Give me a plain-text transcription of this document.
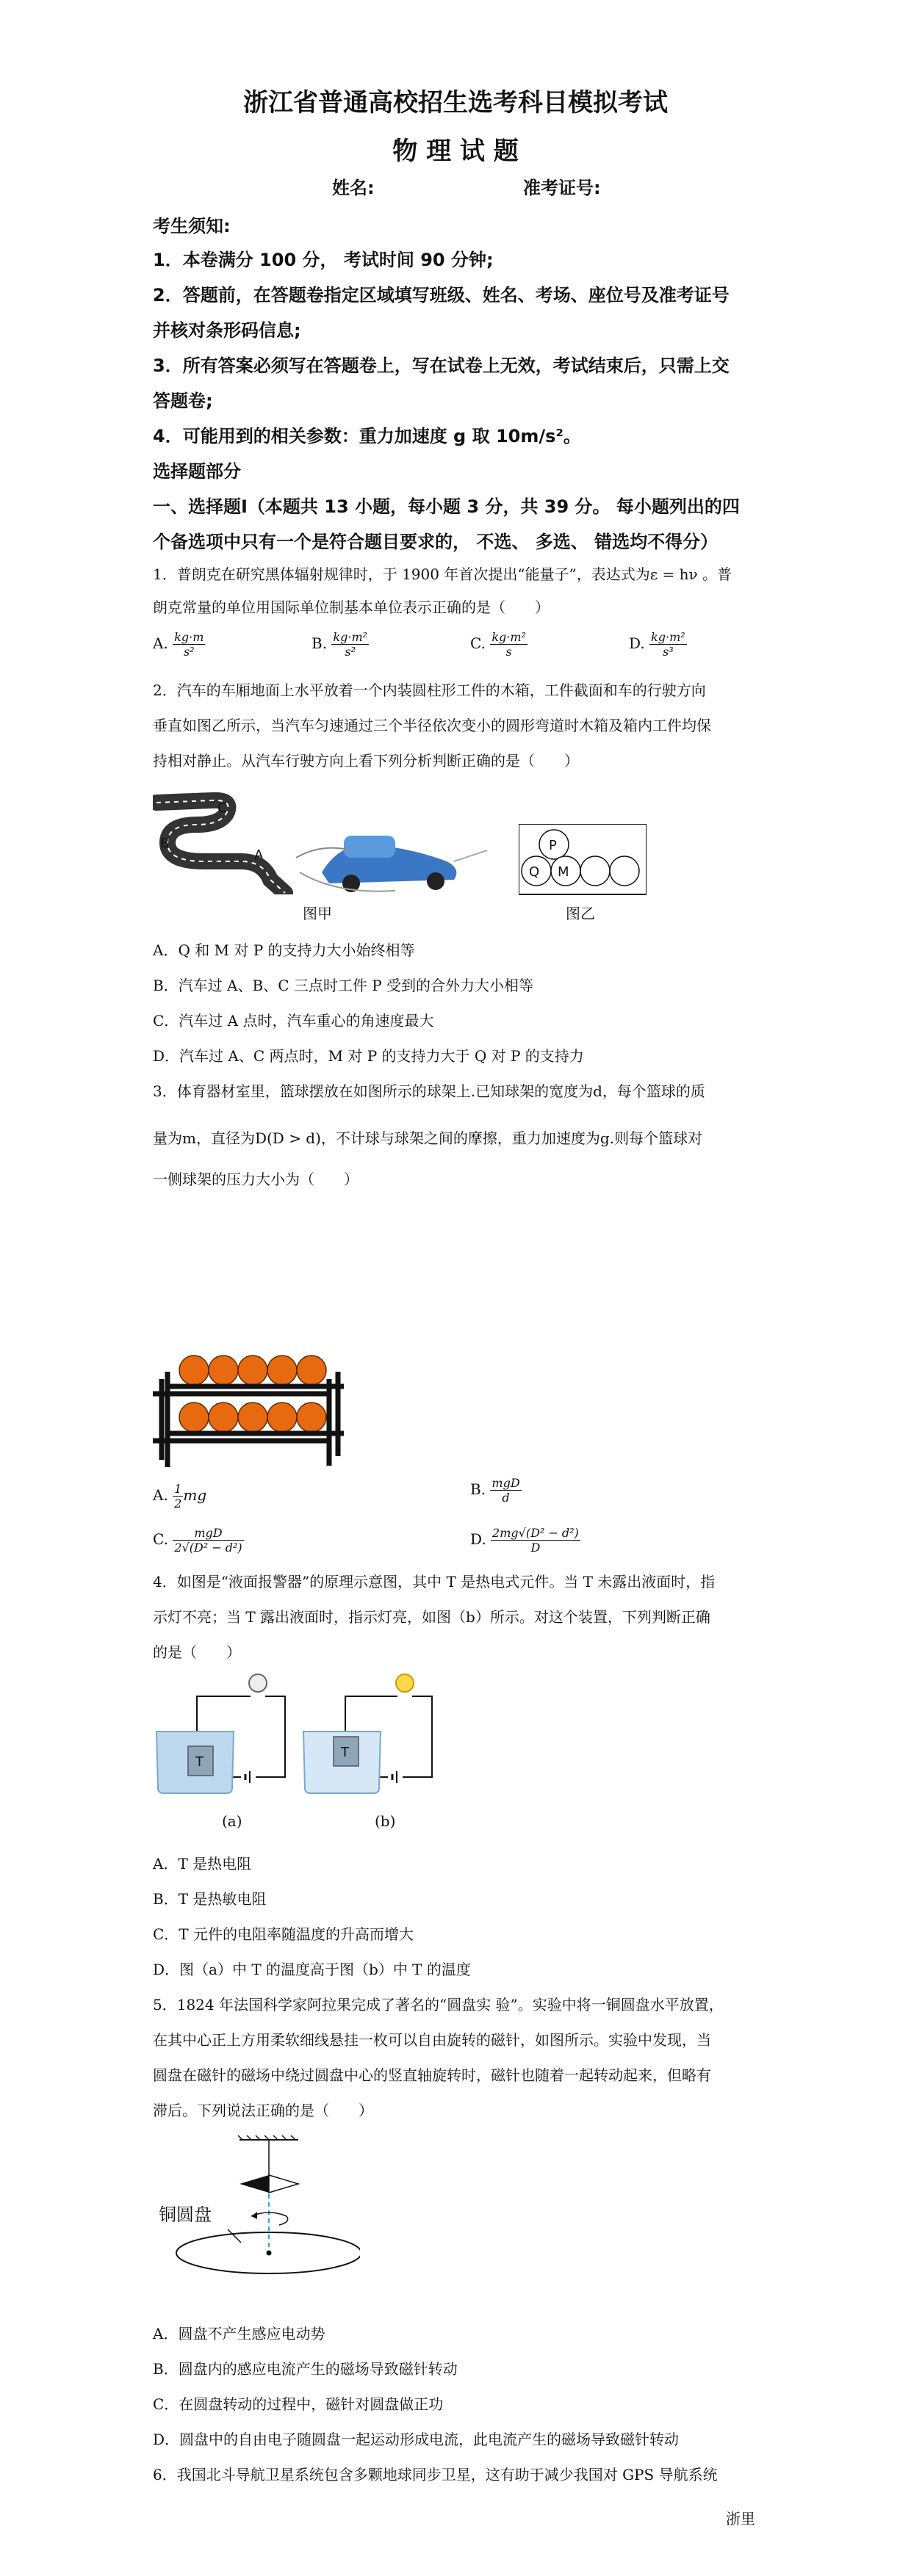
浙江省普通高校招生选考科目模拟考试
物 理 试 题
姓名:	准考证号:
考生须知:
1．本卷满分 100 分， 考试时间 90 分钟;
2．答题前，在答题卷指定区域填写班级、姓名、考场、座位号及准考证号
并核对条形码信息;
3．所有答案必须写在答题卷上，写在试卷上无效，考试结束后，只需上交
答题卷;
4．可能用到的相关参数：重力加速度 g 取 10m/s²。
选择题部分
一、选择题Ⅰ（本题共 13 小题，每小题 3 分，共 39 分。 每小题列出的四
个备选项中只有一个是符合题目要求的， 不选、 多选、 错选均不得分）
1．普朗克在研究黑体辐射规律时，于 1900 年首次提出“能量子”，表达式为ε = hν 。普
朗克常量的单位用国际单位制基本单位表示正确的是（　　）
A. $\frac{kg\cdot m}{\text{s²}}$	B. $\frac{\text{kg·m²}}{\text{s²}}$	C. $\frac{\text{kg·m²}}{s}$	D. $\frac{\text{kg·m²}}{\text{s³}}$
2．汽车的车厢地面上水平放着一个内装圆柱形工件的木箱，工件截面和车的行驶方向
垂直如图乙所示，当汽车匀速通过三个半径依次变小的圆形弯道时木箱及箱内工件均保
持相对静止。从汽车行驶方向上看下列分析判断正确的是（　　）
C
B
A
图甲
P
Q M
图乙
A．Q 和 M 对 P 的支持力大小始终相等
B．汽车过 A、B、C 三点时工件 P 受到的合外力大小相等
C．汽车过 A 点时，汽车重心的角速度最大
D．汽车过 A、C 两点时，M 对 P 的支持力大于 Q 对 P 的支持力
3．体育器材室里，篮球摆放在如图所示的球架上.已知球架的宽度为d，每个篮球的质
量为m，直径为D(D > d)，不计球与球架之间的摩擦，重力加速度为g.则每个篮球对
一侧球架的压力大小为（　　）
A. $\frac{1}{2}$ mg	B. $\frac{\text{mgD}}{d}$
C. $\frac{\text{mgD}}{\text{2√(D² − d²)}}$	D. $\frac{\text{2mg√(D² − d²)}}{D}$
4．如图是“液面报警器”的原理示意图，其中 T 是热电式元件。当 T 未露出液面时，指
示灯不亮；当 T 露出液面时，指示灯亮，如图（b）所示。对这个装置，下列判断正确
的是（　　）
T
T
(a)	(b)
A．T 是热电阻
B．T 是热敏电阻
C．T 元件的电阻率随温度的升高而增大
D．图（a）中 T 的温度高于图（b）中 T 的温度
5．1824 年法国科学家阿拉果完成了著名的“圆盘实 验”。实验中将一铜圆盘水平放置，
在其中心正上方用柔软细线悬挂一枚可以自由旋转的磁针，如图所示。实验中发现，当
圆盘在磁针的磁场中绕过圆盘中心的竖直轴旋转时，磁针也随着一起转动起来，但略有
滞后。下列说法正确的是（　　）
铜圆盘
A．圆盘不产生感应电动势
B．圆盘内的感应电流产生的磁场导致磁针转动
C．在圆盘转动的过程中，磁针对圆盘做正功
D．圆盘中的自由电子随圆盘一起运动形成电流，此电流产生的磁场导致磁针转动
6．我国北斗导航卫星系统包含多颗地球同步卫星，这有助于减少我国对 GPS 导航系统
浙里
